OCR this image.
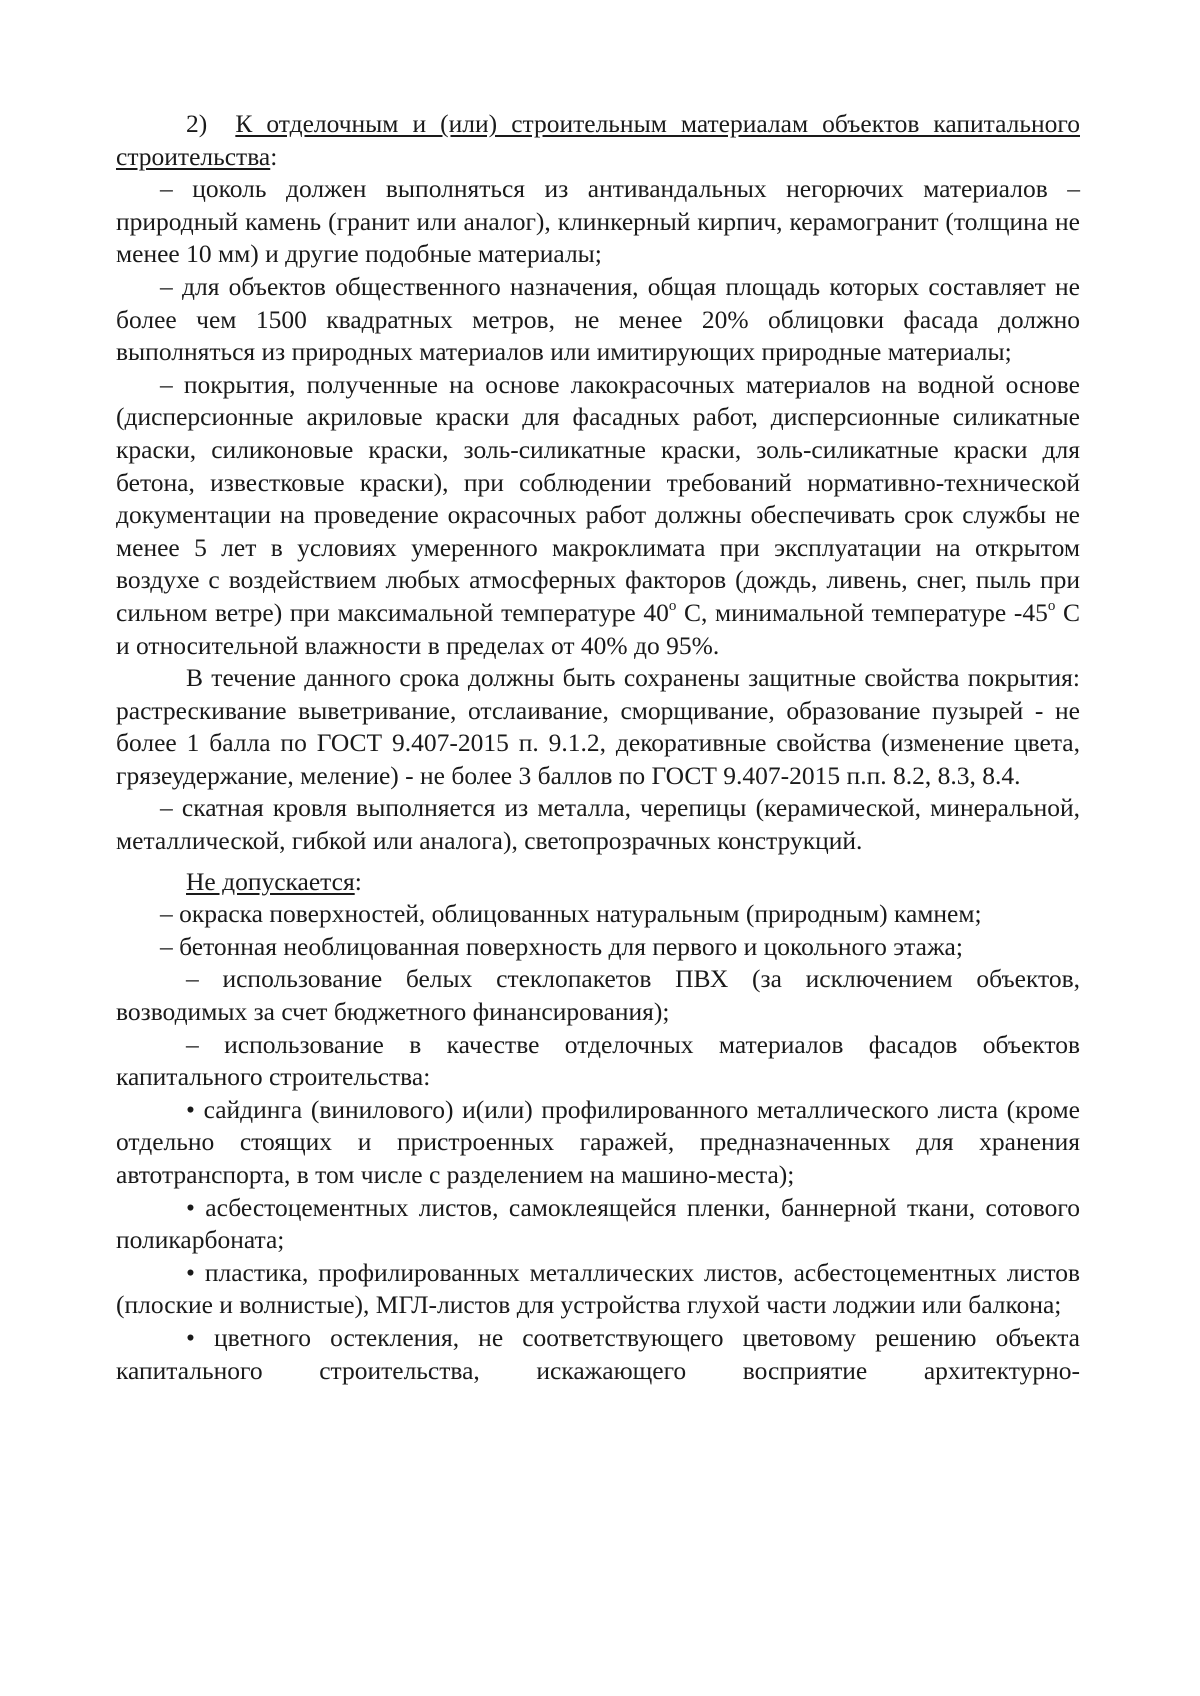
2) К отделочным и (или) строительным материалам объектов капитального строительства:

– цоколь должен выполняться из антивандальных негорючих материалов – природный камень (гранит или аналог), клинкерный кирпич, керамогранит (толщина не менее 10 мм) и другие подобные материалы;

– для объектов общественного назначения, общая площадь которых составляет не более чем 1500 квадратных метров, не менее 20% облицовки фасада должно выполняться из природных материалов или имитирующих природные материалы;

– покрытия, полученные на основе лакокрасочных материалов на водной основе (дисперсионные акриловые краски для фасадных работ, дисперсионные силикатные краски, силиконовые краски, золь-силикатные краски, золь-силикатные краски для бетона, известковые краски), при соблюдении требований нормативно-технической документации на проведение окрасочных работ должны обеспечивать срок службы не менее 5 лет в условиях умеренного макроклимата при эксплуатации на открытом воздухе с воздействием любых атмосферных факторов (дождь, ливень, снег, пыль при сильном ветре) при максимальной температуре 40$^o$ С, минимальной температуре -45$^o$ С и относительной влажности в пределах от 40% до 95%.

В течение данного срока должны быть сохранены защитные свойства покрытия: растрескивание выветривание, отслаивание, сморщивание, образование пузырей - не более 1 балла по ГОСТ 9.407-2015 п. 9.1.2, декоративные свойства (изменение цвета, грязеудержание, меление) - не более 3 баллов по ГОСТ 9.407-2015 п.п. 8.2, 8.3, 8.4.

– скатная кровля выполняется из металла, черепицы (керамической, минеральной, металлической, гибкой или аналога), светопрозрачных конструкций.

Не допускается:

– окраска поверхностей, облицованных натуральным (природным) камнем;

– бетонная необлицованная поверхность для первого и цокольного этажа;

– использование белых стеклопакетов ПВХ (за исключением объектов, возводимых за счет бюджетного финансирования);

– использование в качестве отделочных материалов фасадов объектов капитального строительства:

• сайдинга (винилового) и(или) профилированного металлического листа (кроме отдельно стоящих и пристроенных гаражей, предназначенных для хранения автотранспорта, в том числе с разделением на машино-места);

• асбестоцементных листов, самоклеящейся пленки, баннерной ткани, сотового поликарбоната;

• пластика, профилированных металлических листов, асбестоцементных листов (плоские и волнистые), МГЛ-листов для устройства глухой части лоджии или балкона;

• цветного остекления, не соответствующего цветовому решению объекта капитального строительства, искажающего восприятие архитектурно-
